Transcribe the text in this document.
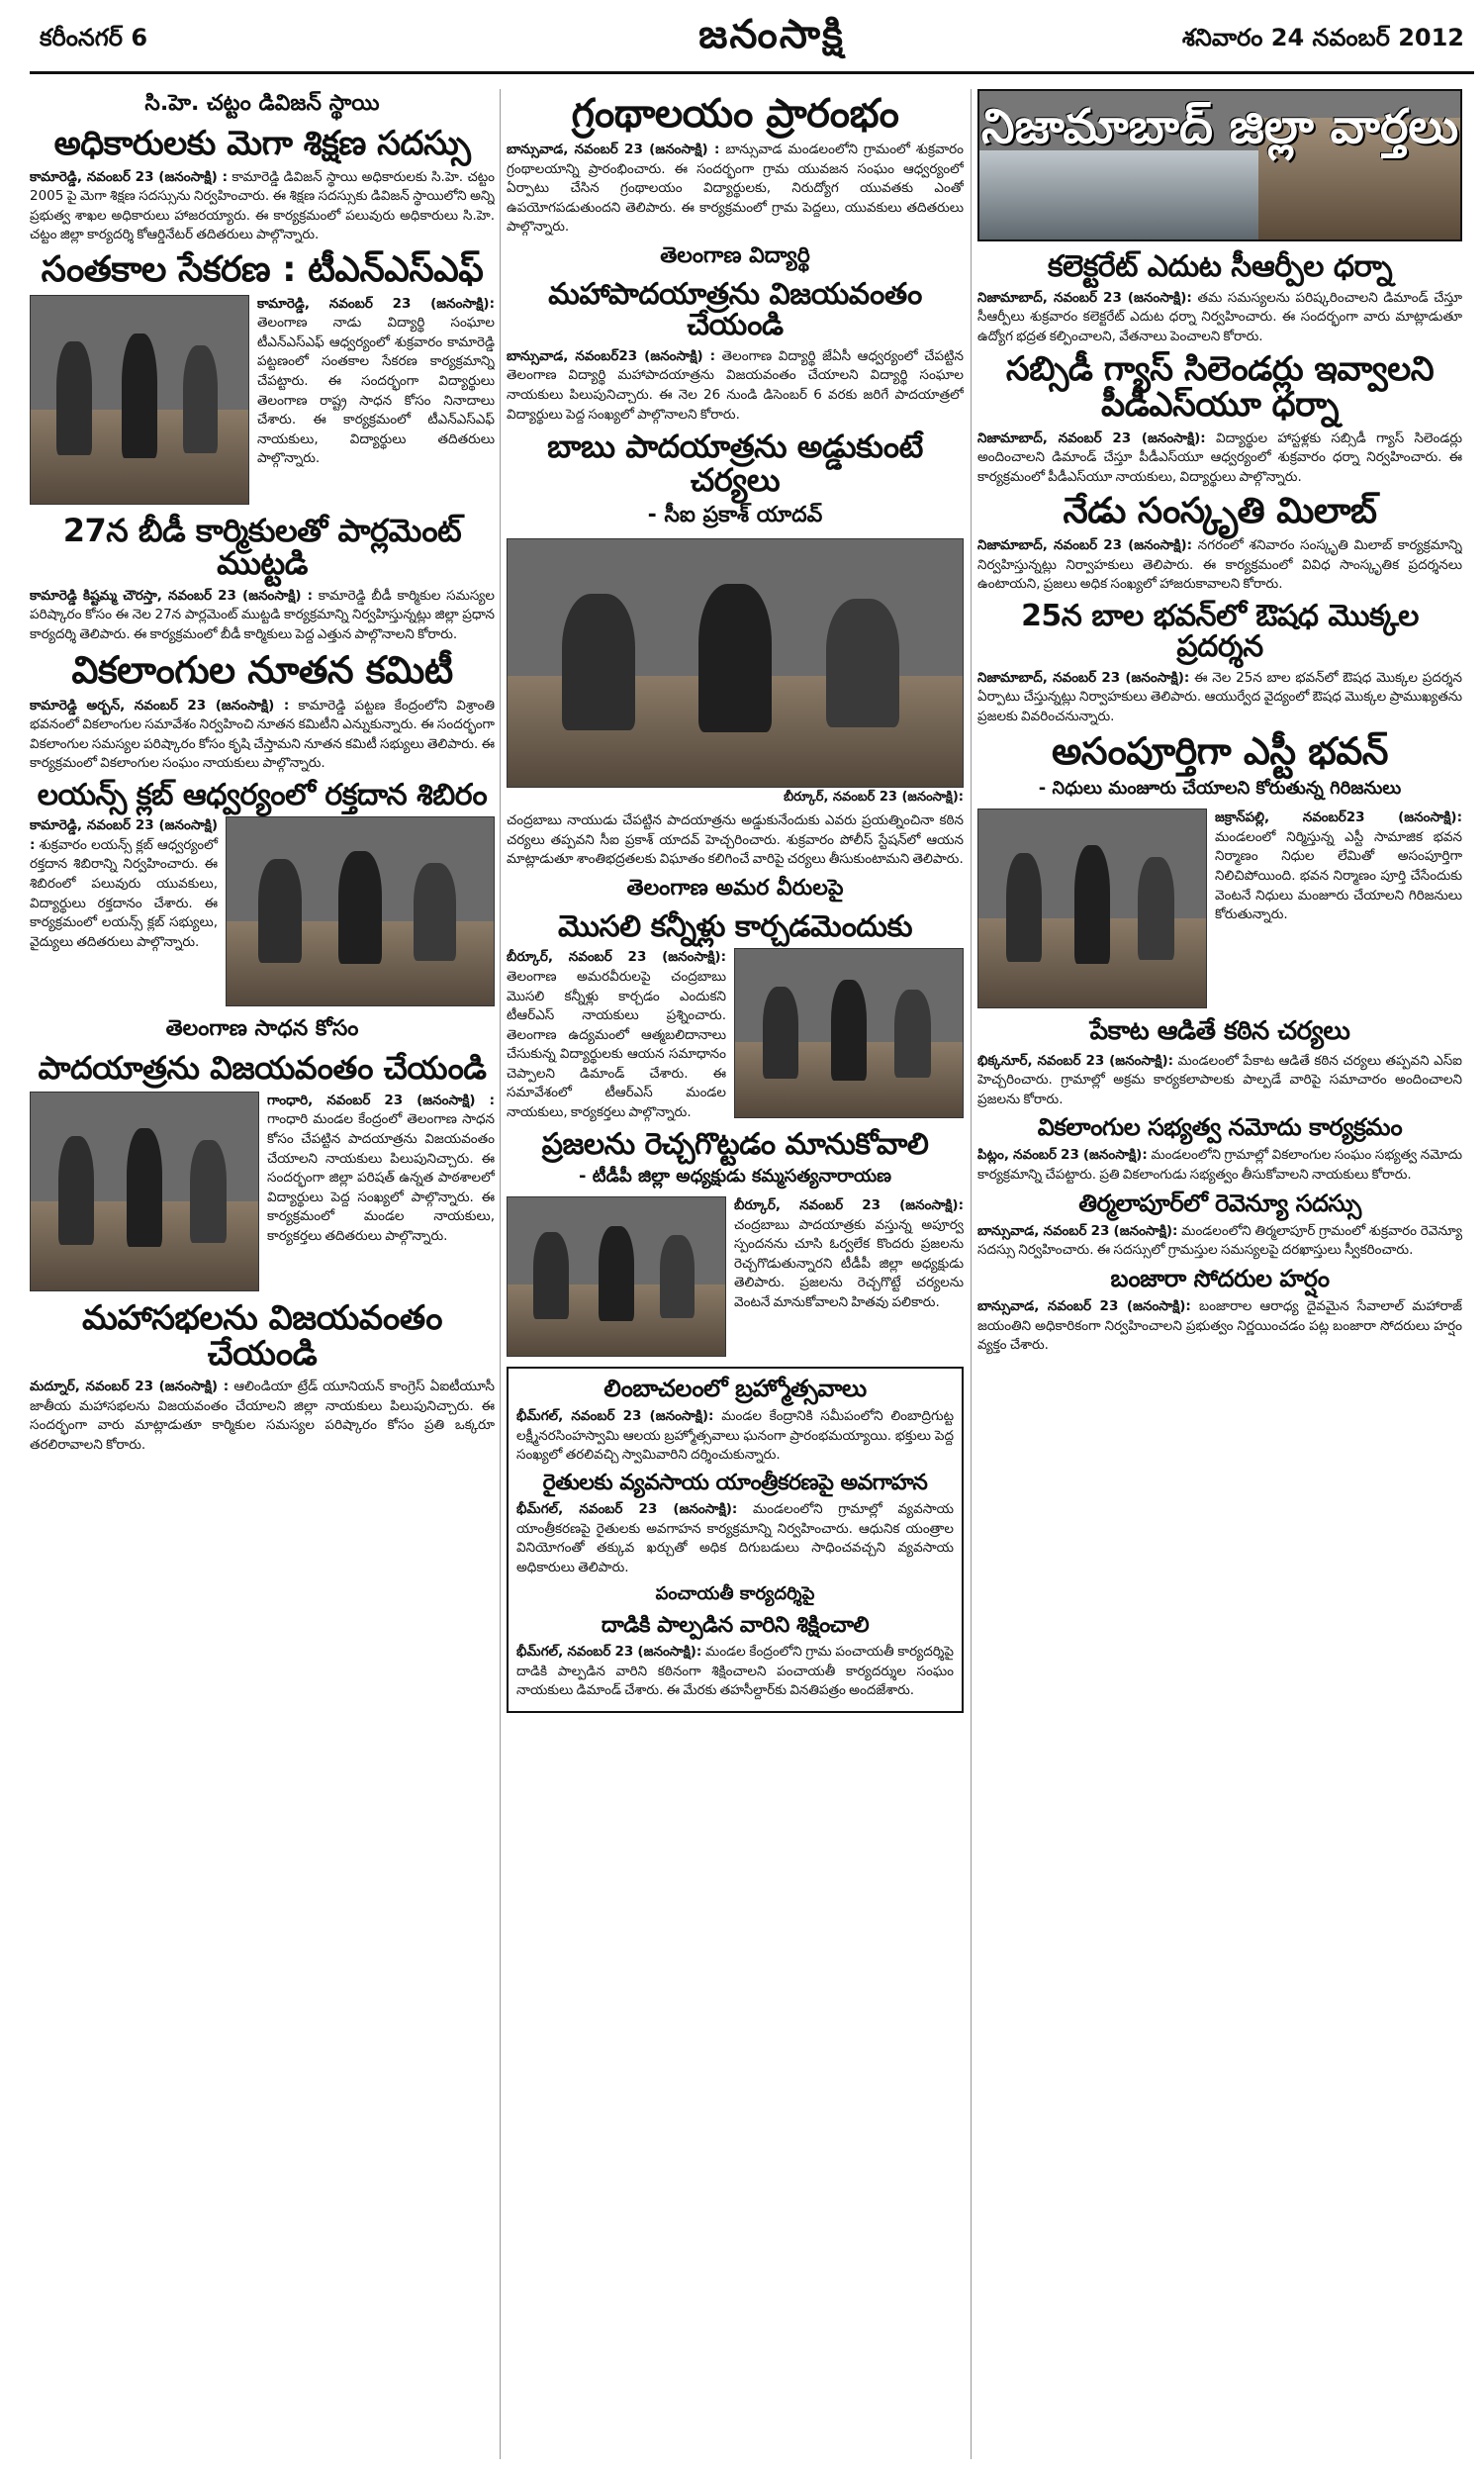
కరీంనగర్ 6	జనంసాక్షి	శనివారం 24 నవంబర్ 2012
సి.హె. చట్టం డివిజన్ స్థాయి
అధికారులకు మెగా శిక్షణ సదస్సు

కామారెడ్డి, నవంబర్ 23 (జనంసాక్షి) : కామారెడ్డి డివిజన్ స్థాయి అధికారులకు సి.హె. చట్టం 2005 పై మెగా శిక్షణ సదస్సును నిర్వహించారు. ఈ శిక్షణ సదస్సుకు డివిజన్ స్థాయిలోని అన్ని ప్రభుత్వ శాఖల అధికారులు హాజరయ్యారు. ఈ కార్యక్రమంలో పలువురు అధికారులు సి.హె. చట్టం జిల్లా కార్యదర్శి కోఆర్డినేటర్ తదితరులు పాల్గొన్నారు.

సంతకాల సేకరణ : టీఎన్ఎస్ఎఫ్

కామారెడ్డి, నవంబర్ 23 (జనంసాక్షి): తెలంగాణ నాడు విద్యార్థి సంఘాల టీఎన్ఎస్ఎఫ్ ఆధ్వర్యంలో శుక్రవారం కామారెడ్డి పట్టణంలో సంతకాల సేకరణ కార్యక్రమాన్ని చేపట్టారు. ఈ సందర్భంగా విద్యార్థులు తెలంగాణ రాష్ట్ర సాధన కోసం నినాదాలు చేశారు. ఈ కార్యక్రమంలో టీఎన్ఎస్ఎఫ్ నాయకులు, విద్యార్థులు తదితరులు పాల్గొన్నారు.

27న బీడీ కార్మికులతో పార్లమెంట్ ముట్టడి

కామారెడ్డి కిష్టమ్మ చౌరస్తా, నవంబర్ 23 (జనంసాక్షి) : కామారెడ్డి బీడీ కార్మికుల సమస్యల పరిష్కారం కోసం ఈ నెల 27న పార్లమెంట్ ముట్టడి కార్యక్రమాన్ని నిర్వహిస్తున్నట్లు జిల్లా ప్రధాన కార్యదర్శి తెలిపారు. ఈ కార్యక్రమంలో బీడీ కార్మికులు పెద్ద ఎత్తున పాల్గొనాలని కోరారు.

వికలాంగుల నూతన కమిటీ

కామారెడ్డి అర్బన్, నవంబర్ 23 (జనంసాక్షి) : కామారెడ్డి పట్టణ కేంద్రంలోని విశ్రాంతి భవనంలో వికలాంగుల సమావేశం నిర్వహించి నూతన కమిటీని ఎన్నుకున్నారు. ఈ సందర్భంగా వికలాంగుల సమస్యల పరిష్కారం కోసం కృషి చేస్తామని నూతన కమిటీ సభ్యులు తెలిపారు. ఈ కార్యక్రమంలో వికలాంగుల సంఘం నాయకులు పాల్గొన్నారు.

లయన్స్ క్లబ్ ఆధ్వర్యంలో రక్తదాన శిబిరం

కామారెడ్డి, నవంబర్ 23 (జనంసాక్షి) : శుక్రవారం లయన్స్ క్లబ్ ఆధ్వర్యంలో రక్తదాన శిబిరాన్ని నిర్వహించారు. ఈ శిబిరంలో పలువురు యువకులు, విద్యార్థులు రక్తదానం చేశారు. ఈ కార్యక్రమంలో లయన్స్ క్లబ్ సభ్యులు, వైద్యులు తదితరులు పాల్గొన్నారు.

తెలంగాణ సాధన కోసం
పాదయాత్రను విజయవంతం చేయండి

గాంధారి, నవంబర్ 23 (జనంసాక్షి) : గాంధారి మండల కేంద్రంలో తెలంగాణ సాధన కోసం చేపట్టిన పాదయాత్రను విజయవంతం చేయాలని నాయకులు పిలుపునిచ్చారు. ఈ సందర్భంగా జిల్లా పరిషత్ ఉన్నత పాఠశాలలో విద్యార్థులు పెద్ద సంఖ్యలో పాల్గొన్నారు. ఈ కార్యక్రమంలో మండల నాయకులు, కార్యకర్తలు తదితరులు పాల్గొన్నారు.

మహాసభలను విజయవంతం చేయండి

మద్నూర్, నవంబర్ 23 (జనంసాక్షి) : ఆలిండియా ట్రేడ్ యూనియన్ కాంగ్రెస్ ఏఐటీయూసీ జాతీయ మహాసభలను విజయవంతం చేయాలని జిల్లా నాయకులు పిలుపునిచ్చారు. ఈ సందర్భంగా వారు మాట్లాడుతూ కార్మికుల సమస్యల పరిష్కారం కోసం ప్రతి ఒక్కరూ తరలిరావాలని కోరారు.

గ్రంథాలయం ప్రారంభం

బాన్సువాడ, నవంబర్ 23 (జనంసాక్షి) : బాన్సువాడ మండలంలోని గ్రామంలో శుక్రవారం గ్రంథాలయాన్ని ప్రారంభించారు. ఈ సందర్భంగా గ్రామ యువజన సంఘం ఆధ్వర్యంలో ఏర్పాటు చేసిన గ్రంథాలయం విద్యార్థులకు, నిరుద్యోగ యువతకు ఎంతో ఉపయోగపడుతుందని తెలిపారు. ఈ కార్యక్రమంలో గ్రామ పెద్దలు, యువకులు తదితరులు పాల్గొన్నారు.

తెలంగాణ విద్యార్థి
మహాపాదయాత్రను విజయవంతం చేయండి

బాన్సువాడ, నవంబర్23 (జనంసాక్షి) : తెలంగాణ విద్యార్థి జేఏసీ ఆధ్వర్యంలో చేపట్టిన తెలంగాణ విద్యార్థి మహాపాదయాత్రను విజయవంతం చేయాలని విద్యార్థి సంఘాల నాయకులు పిలుపునిచ్చారు. ఈ నెల 26 నుండి డిసెంబర్ 6 వరకు జరిగే పాదయాత్రలో విద్యార్థులు పెద్ద సంఖ్యలో పాల్గొనాలని కోరారు.

బాబు పాదయాత్రను అడ్డుకుంటే చర్యలు
- సీఐ ప్రకాశ్ యాదవ్
బీర్కూర్, నవంబర్ 23 (జనంసాక్షి):

చంద్రబాబు నాయుడు చేపట్టిన పాదయాత్రను అడ్డుకునేందుకు ఎవరు ప్రయత్నించినా కఠిన చర్యలు తప్పవని సీఐ ప్రకాశ్ యాదవ్ హెచ్చరించారు. శుక్రవారం పోలీస్ స్టేషన్‌లో ఆయన మాట్లాడుతూ శాంతిభద్రతలకు విఘాతం కలిగించే వారిపై చర్యలు తీసుకుంటామని తెలిపారు.

తెలంగాణ అమర వీరులపై
మొసలి కన్నీళ్లు కార్చడమెందుకు

బీర్కూర్, నవంబర్ 23 (జనంసాక్షి): తెలంగాణ అమరవీరులపై చంద్రబాబు మొసలి కన్నీళ్లు కార్చడం ఎందుకని టీఆర్ఎస్ నాయకులు ప్రశ్నించారు. తెలంగాణ ఉద్యమంలో ఆత్మబలిదానాలు చేసుకున్న విద్యార్థులకు ఆయన సమాధానం చెప్పాలని డిమాండ్ చేశారు. ఈ సమావేశంలో టీఆర్ఎస్ మండల నాయకులు, కార్యకర్తలు పాల్గొన్నారు.

ప్రజలను రెచ్చగొట్టడం మానుకోవాలి
- టీడీపీ జిల్లా అధ్యక్షుడు కమ్మసత్యనారాయణ

బీర్కూర్, నవంబర్ 23 (జనంసాక్షి): చంద్రబాబు పాదయాత్రకు వస్తున్న అపూర్వ స్పందనను చూసి ఓర్వలేక కొందరు ప్రజలను రెచ్చగొడుతున్నారని టీడీపీ జిల్లా అధ్యక్షుడు తెలిపారు. ప్రజలను రెచ్చగొట్టే చర్యలను వెంటనే మానుకోవాలని హితవు పలికారు.

లింబాచలంలో బ్రహ్మోత్సవాలు

భీమ్‌గల్, నవంబర్ 23 (జనంసాక్షి): మండల కేంద్రానికి సమీపంలోని లింబాద్రిగుట్ట లక్ష్మీనరసింహస్వామి ఆలయ బ్రహ్మోత్సవాలు ఘనంగా ప్రారంభమయ్యాయి. భక్తులు పెద్ద సంఖ్యలో తరలివచ్చి స్వామివారిని దర్శించుకున్నారు.

రైతులకు వ్యవసాయ యాంత్రీకరణపై అవగాహన

భీమ్‌గల్, నవంబర్ 23 (జనంసాక్షి): మండలంలోని గ్రామాల్లో వ్యవసాయ యాంత్రీకరణపై రైతులకు అవగాహన కార్యక్రమాన్ని నిర్వహించారు. ఆధునిక యంత్రాల వినియోగంతో తక్కువ ఖర్చుతో అధిక దిగుబడులు సాధించవచ్చని వ్యవసాయ అధికారులు తెలిపారు.

పంచాయతీ కార్యదర్శిపై
దాడికి పాల్పడిన వారిని శిక్షించాలి

భీమ్‌గల్, నవంబర్ 23 (జనంసాక్షి): మండల కేంద్రంలోని గ్రామ పంచాయతీ కార్యదర్శిపై దాడికి పాల్పడిన వారిని కఠినంగా శిక్షించాలని పంచాయతీ కార్యదర్శుల సంఘం నాయకులు డిమాండ్ చేశారు. ఈ మేరకు తహసీల్దార్‌కు వినతిపత్రం అందజేశారు.

నిజామాబాద్ జిల్లా వార్తలు
కలెక్టరేట్ ఎదుట సీఆర్పీల ధర్నా

నిజామాబాద్, నవంబర్ 23 (జనంసాక్షి): తమ సమస్యలను పరిష్కరించాలని డిమాండ్ చేస్తూ సీఆర్పీలు శుక్రవారం కలెక్టరేట్ ఎదుట ధర్నా నిర్వహించారు. ఈ సందర్భంగా వారు మాట్లాడుతూ ఉద్యోగ భద్రత కల్పించాలని, వేతనాలు పెంచాలని కోరారు.

సబ్సిడీ గ్యాస్ సిలెండర్లు ఇవ్వాలని పీడీఎస్‌యూ ధర్నా

నిజామాబాద్, నవంబర్ 23 (జనంసాక్షి): విద్యార్థుల హాస్టళ్లకు సబ్సిడీ గ్యాస్ సిలెండర్లు అందించాలని డిమాండ్ చేస్తూ పీడీఎస్‌యూ ఆధ్వర్యంలో శుక్రవారం ధర్నా నిర్వహించారు. ఈ కార్యక్రమంలో పీడీఎస్‌యూ నాయకులు, విద్యార్థులు పాల్గొన్నారు.

నేడు సంస్కృతి మిలాబ్

నిజామాబాద్, నవంబర్ 23 (జనంసాక్షి): నగరంలో శనివారం సంస్కృతి మిలాబ్ కార్యక్రమాన్ని నిర్వహిస్తున్నట్లు నిర్వాహకులు తెలిపారు. ఈ కార్యక్రమంలో వివిధ సాంస్కృతిక ప్రదర్శనలు ఉంటాయని, ప్రజలు అధిక సంఖ్యలో హాజరుకావాలని కోరారు.

25న బాల భవన్‌లో ఔషధ మొక్కల ప్రదర్శన

నిజామాబాద్, నవంబర్ 23 (జనంసాక్షి): ఈ నెల 25న బాల భవన్‌లో ఔషధ మొక్కల ప్రదర్శన ఏర్పాటు చేస్తున్నట్లు నిర్వాహకులు తెలిపారు. ఆయుర్వేద వైద్యంలో ఔషధ మొక్కల ప్రాముఖ్యతను ప్రజలకు వివరించనున్నారు.

అసంపూర్తిగా ఎస్టీ భవన్
- నిధులు మంజూరు చేయాలని కోరుతున్న గిరిజనులు

జక్రాన్‌పల్లి, నవంబర్23 (జనంసాక్షి): మండలంలో నిర్మిస్తున్న ఎస్టీ సామాజిక భవన నిర్మాణం నిధుల లేమితో అసంపూర్తిగా నిలిచిపోయింది. భవన నిర్మాణం పూర్తి చేసేందుకు వెంటనే నిధులు మంజూరు చేయాలని గిరిజనులు కోరుతున్నారు.

పేకాట ఆడితే కఠిన చర్యలు

భిక్కనూర్, నవంబర్ 23 (జనంసాక్షి): మండలంలో పేకాట ఆడితే కఠిన చర్యలు తప్పవని ఎస్ఐ హెచ్చరించారు. గ్రామాల్లో అక్రమ కార్యకలాపాలకు పాల్పడే వారిపై సమాచారం అందించాలని ప్రజలను కోరారు.

వికలాంగుల సభ్యత్వ నమోదు కార్యక్రమం

పిట్లం, నవంబర్ 23 (జనంసాక్షి): మండలంలోని గ్రామాల్లో వికలాంగుల సంఘం సభ్యత్వ నమోదు కార్యక్రమాన్ని చేపట్టారు. ప్రతి వికలాంగుడు సభ్యత్వం తీసుకోవాలని నాయకులు కోరారు.

తిర్మలాపూర్‌లో రెవెన్యూ సదస్సు

బాన్సువాడ, నవంబర్ 23 (జనంసాక్షి): మండలంలోని తిర్మలాపూర్ గ్రామంలో శుక్రవారం రెవెన్యూ సదస్సు నిర్వహించారు. ఈ సదస్సులో గ్రామస్తుల సమస్యలపై దరఖాస్తులు స్వీకరించారు.

బంజారా సోదరుల హర్షం

బాన్సువాడ, నవంబర్ 23 (జనంసాక్షి): బంజారాల ఆరాధ్య దైవమైన సేవాలాల్ మహారాజ్ జయంతిని అధికారికంగా నిర్వహించాలని ప్రభుత్వం నిర్ణయించడం పట్ల బంజారా సోదరులు హర్షం వ్యక్తం చేశారు.
